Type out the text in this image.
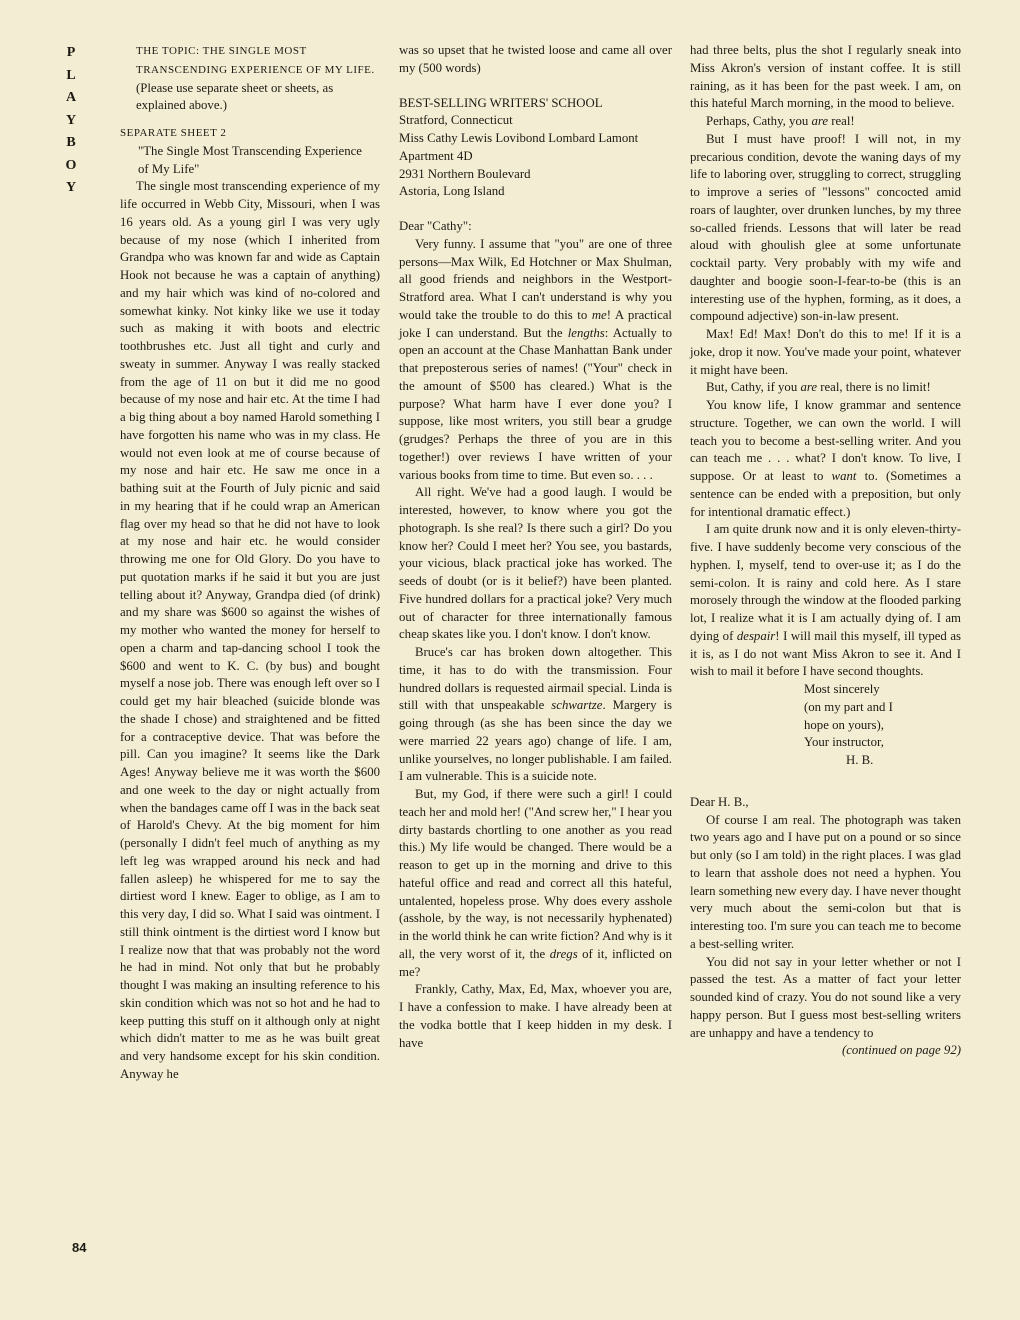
P
L
A
Y
B
O
Y
84
THE TOPIC: THE SINGLE MOST TRANSCENDING EXPERIENCE OF MY LIFE. (Please use separate sheet or sheets, as explained above.)

SEPARATE SHEET 2

"The Single Most Transcending Experience of My Life"

The single most transcending experience of my life occurred in Webb City, Missouri, when I was 16 years old. As a young girl I was very ugly because of my nose (which I inherited from Grandpa who was known far and wide as Captain Hook not because he was a captain of anything) and my hair which was kind of no-colored and somewhat kinky. Not kinky like we use it today such as making it with boots and electric toothbrushes etc. Just all tight and curly and sweaty in summer. Anyway I was really stacked from the age of 11 on but it did me no good because of my nose and hair etc. At the time I had a big thing about a boy named Harold something I have forgotten his name who was in my class. He would not even look at me of course because of my nose and hair etc. He saw me once in a bathing suit at the Fourth of July picnic and said in my hearing that if he could wrap an American flag over my head so that he did not have to look at my nose and hair etc. he would consider throwing me one for Old Glory. Do you have to put quotation marks if he said it but you are just telling about it? Anyway, Grandpa died (of drink) and my share was $600 so against the wishes of my mother who wanted the money for herself to open a charm and tap-dancing school I took the $600 and went to K. C. (by bus) and bought myself a nose job. There was enough left over so I could get my hair bleached (suicide blonde was the shade I chose) and straightened and be fitted for a contraceptive device. That was before the pill. Can you imagine? It seems like the Dark Ages! Anyway believe me it was worth the $600 and one week to the day or night actually from when the bandages came off I was in the back seat of Harold's Chevy. At the big moment for him (personally I didn't feel much of anything as my left leg was wrapped around his neck and had fallen asleep) he whispered for me to say the dirtiest word I knew. Eager to oblige, as I am to this very day, I did so. What I said was ointment. I still think ointment is the dirtiest word I know but I realize now that that was probably not the word he had in mind. Not only that but he probably thought I was making an insulting reference to his skin condition which was not so hot and he had to keep putting this stuff on it although only at night which didn't matter to me as he was built great and very handsome except for his skin condition. Anyway he

was so upset that he twisted loose and came all over my (500 words)

BEST-SELLING WRITERS' SCHOOL

Stratford, Connecticut

Miss Cathy Lewis Lovibond Lombard Lamont

Apartment 4D

2931 Northern Boulevard

Astoria, Long Island

Dear "Cathy":

Very funny. I assume that "you" are one of three persons—Max Wilk, Ed Hotchner or Max Shulman, all good friends and neighbors in the Westport-Stratford area. What I can't understand is why you would take the trouble to do this to me! A practical joke I can understand. But the lengths: Actually to open an account at the Chase Manhattan Bank under that preposterous series of names! ("Your" check in the amount of $500 has cleared.) What is the purpose? What harm have I ever done you? I suppose, like most writers, you still bear a grudge (grudges? Perhaps the three of you are in this together!) over reviews I have written of your various books from time to time. But even so. . . .

All right. We've had a good laugh. I would be interested, however, to know where you got the photograph. Is she real? Is there such a girl? Do you know her? Could I meet her? You see, you bastards, your vicious, black practical joke has worked. The seeds of doubt (or is it belief?) have been planted. Five hundred dollars for a practical joke? Very much out of character for three internationally famous cheap skates like you. I don't know. I don't know.

Bruce's car has broken down altogether. This time, it has to do with the transmission. Four hundred dollars is requested airmail special. Linda is still with that unspeakable schwartze. Margery is going through (as she has been since the day we were married 22 years ago) change of life. I am, unlike yourselves, no longer publishable. I am failed. I am vulnerable. This is a suicide note.

But, my God, if there were such a girl! I could teach her and mold her! ("And screw her," I hear you dirty bastards chortling to one another as you read this.) My life would be changed. There would be a reason to get up in the morning and drive to this hateful office and read and correct all this hateful, untalented, hopeless prose. Why does every asshole (asshole, by the way, is not necessarily hyphenated) in the world think he can write fiction? And why is it all, the very worst of it, the dregs of it, inflicted on me?

Frankly, Cathy, Max, Ed, Max, whoever you are, I have a confession to make. I have already been at the vodka bottle that I keep hidden in my desk. I have

had three belts, plus the shot I regularly sneak into Miss Akron's version of instant coffee. It is still raining, as it has been for the past week. I am, on this hateful March morning, in the mood to believe.

Perhaps, Cathy, you are real!

But I must have proof! I will not, in my precarious condition, devote the waning days of my life to laboring over, struggling to correct, struggling to improve a series of "lessons" concocted amid roars of laughter, over drunken lunches, by my three so-called friends. Lessons that will later be read aloud with ghoulish glee at some unfortunate cocktail party. Very probably with my wife and daughter and boogie soon-I-fear-to-be (this is an interesting use of the hyphen, forming, as it does, a compound adjective) son-in-law present.

Max! Ed! Max! Don't do this to me! If it is a joke, drop it now. You've made your point, whatever it might have been.

But, Cathy, if you are real, there is no limit!

You know life, I know grammar and sentence structure. Together, we can own the world. I will teach you to become a best-selling writer. And you can teach me . . . what? I don't know. To live, I suppose. Or at least to want to. (Sometimes a sentence can be ended with a preposition, but only for intentional dramatic effect.)

I am quite drunk now and it is only eleven-thirty-five. I have suddenly become very conscious of the hyphen. I, myself, tend to over-use it; as I do the semi-colon. It is rainy and cold here. As I stare morosely through the window at the flooded parking lot, I realize what it is I am actually dying of. I am dying of despair! I will mail this myself, ill typed as it is, as I do not want Miss Akron to see it. And I wish to mail it before I have second thoughts.

Most sincerely

(on my part and I

hope on yours),

Your instructor,

H. B.

Dear H. B.,

Of course I am real. The photograph was taken two years ago and I have put on a pound or so since but only (so I am told) in the right places. I was glad to learn that asshole does not need a hyphen. You learn something new every day. I have never thought very much about the semi-colon but that is interesting too. I'm sure you can teach me to become a best-selling writer.

You did not say in your letter whether or not I passed the test. As a matter of fact your letter sounded kind of crazy. You do not sound like a very happy person. But I guess most best-selling writers are unhappy and have a tendency to

(continued on page 92)
